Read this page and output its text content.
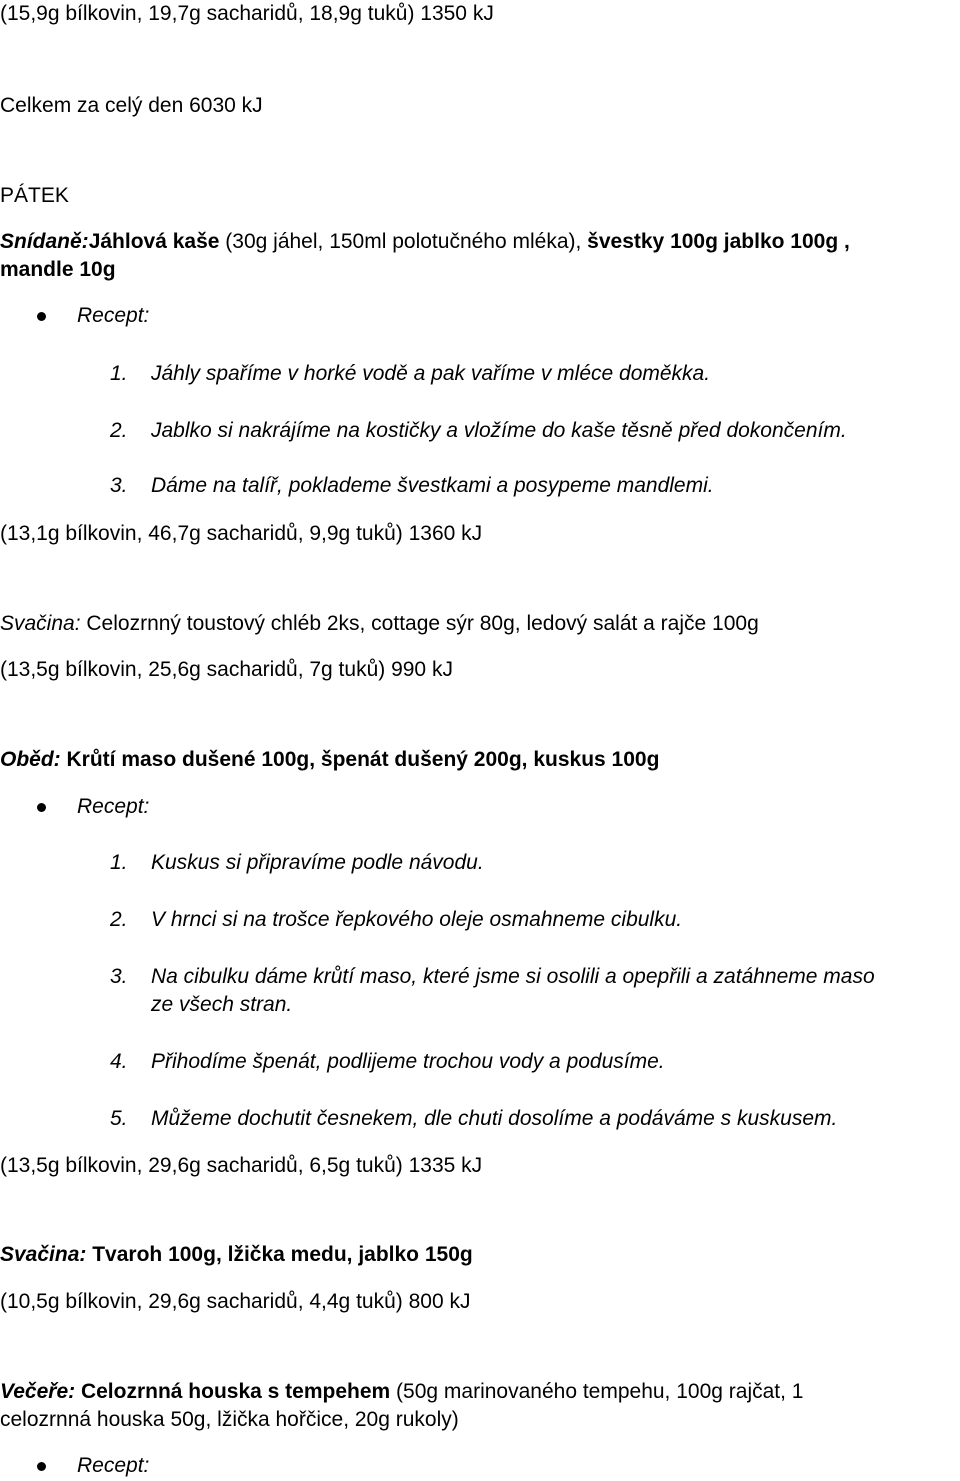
(15,9g bílkovin, 19,7g sacharidů, 18,9g tuků) 1350 kJ
Celkem za celý den 6030 kJ
PÁTEK
Snídaně:Jáhlová kaše (30g jáhel, 150ml polotučného mléka), švestky 100g jablko 100g ,
mandle 10g
Recept:
1. Jáhly spaříme v horké vodě a pak vaříme v mléce doměkka.
2. Jablko si nakrájíme na kostičky a vložíme do kaše těsně před dokončením.
3. Dáme na talíř, poklademe švestkami a posypeme mandlemi.
(13,1g bílkovin, 46,7g sacharidů, 9,9g tuků) 1360 kJ
Svačina: Celozrnný toustový chléb 2ks, cottage sýr 80g, ledový salát a rajče 100g
(13,5g bílkovin, 25,6g sacharidů, 7g tuků) 990 kJ
Oběd: Krůtí maso dušené 100g, špenát dušený 200g, kuskus 100g
Recept:
1. Kuskus si připravíme podle návodu.
2. V hrnci si na trošce řepkového oleje osmahneme cibulku.
3. Na cibulku dáme krůtí maso, které jsme si osolili a opepřili a zatáhneme maso
ze všech stran.
4. Přihodíme špenát, podlijeme trochou vody a podusíme.
5. Můžeme dochutit česnekem, dle chuti dosolíme a podáváme s kuskusem.
(13,5g bílkovin, 29,6g sacharidů, 6,5g tuků) 1335 kJ
Svačina: Tvaroh 100g, lžička medu, jablko 150g
(10,5g bílkovin, 29,6g sacharidů, 4,4g tuků) 800 kJ
Večeře: Celozrnná houska s tempehem (50g marinovaného tempehu, 100g rajčat, 1
celozrnná houska 50g, lžička hořčice, 20g rukoly)
Recept:
